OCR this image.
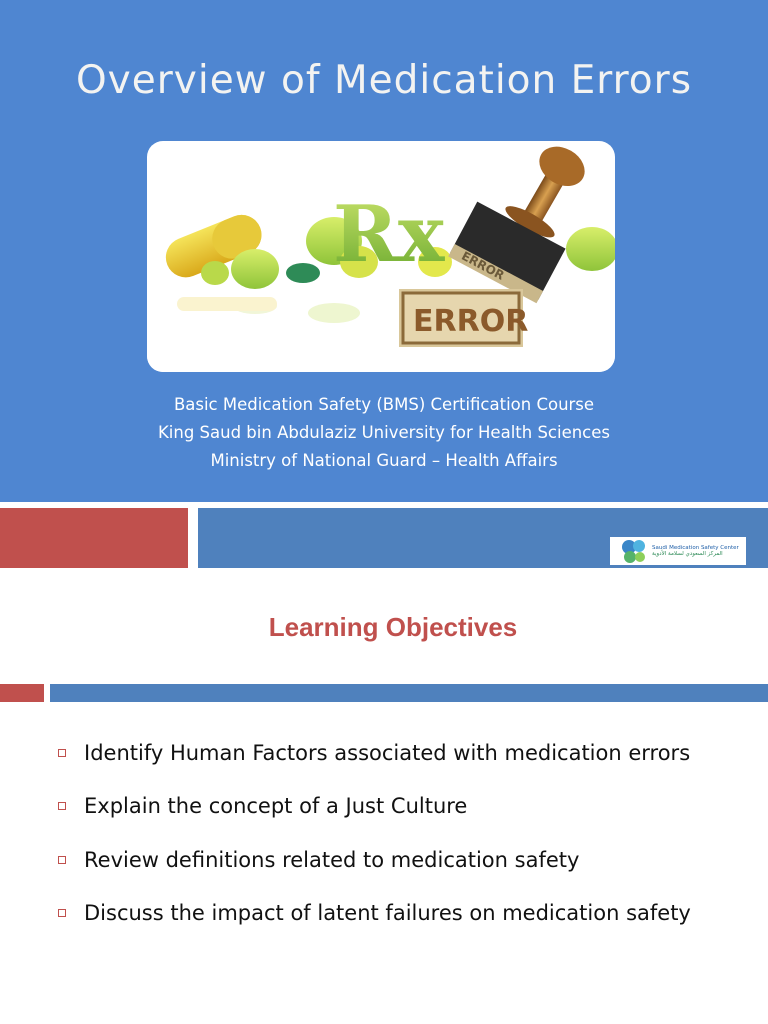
Overview of Medication Errors
Rx ERROR
ERROR
Basic Medication Safety (BMS) Certification Course
King Saud bin Abdulaziz University for Health Sciences
Ministry of National Guard – Health Affairs
Saudi Medication Safety Center
المركز السعودي لسلامة الأدوية
Learning Objectives
Identify Human Factors associated with medication errors
Explain the concept of a Just Culture
Review definitions related to medication safety
Discuss the impact of latent failures on medication safety
